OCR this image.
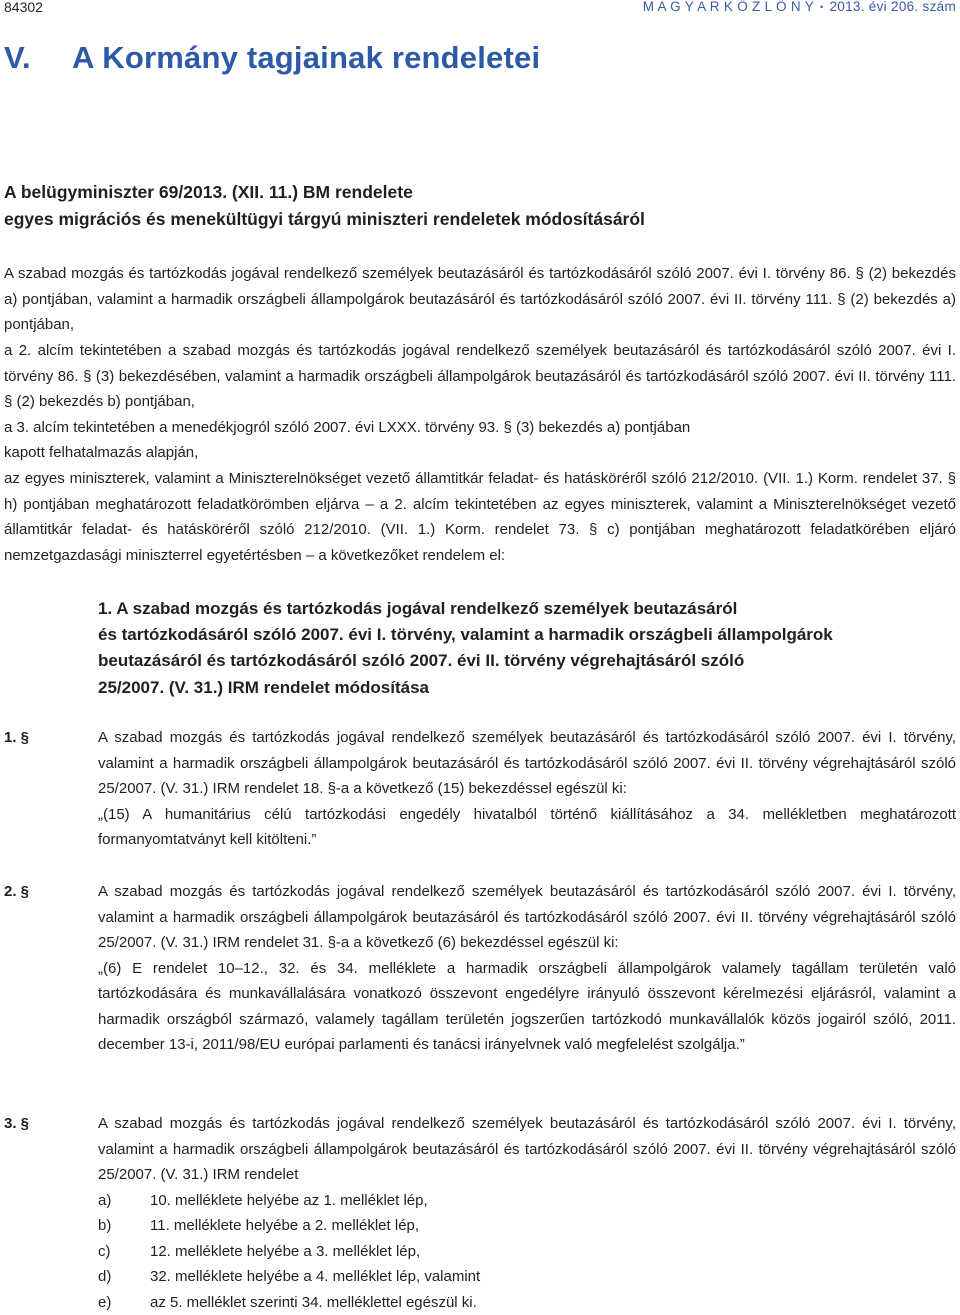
84302	M A G Y A R K Ö Z L Ö N Y • 2013. évi 206. szám
V. A Kormány tagjainak rendeletei
A belügyminiszter 69/2013. (XII. 11.) BM rendelete
egyes migrációs és menekültügyi tárgyú miniszteri rendeletek módosításáról

A szabad mozgás és tartózkodás jogával rendelkező személyek beutazásáról és tartózkodásáról szóló 2007. évi I. törvény 86. § (2) bekezdés a) pontjában, valamint a harmadik országbeli állampolgárok beutazásáról és tartózkodásáról szóló 2007. évi II. törvény 111. § (2) bekezdés a) pontjában,

a 2. alcím tekintetében a szabad mozgás és tartózkodás jogával rendelkező személyek beutazásáról és tartózkodásáról szóló 2007. évi I. törvény 86. § (3) bekezdésében, valamint a harmadik országbeli állampolgárok beutazásáról és tartózkodásáról szóló 2007. évi II. törvény 111. § (2) bekezdés b) pontjában,

a 3. alcím tekintetében a menedékjogról szóló 2007. évi LXXX. törvény 93. § (3) bekezdés a) pontjában

kapott felhatalmazás alapján,

az egyes miniszterek, valamint a Miniszterelnökséget vezető államtitkár feladat- és hatásköréről szóló 212/2010. (VII. 1.) Korm. rendelet 37. § h) pontjában meghatározott feladatkörömben eljárva – a 2. alcím tekintetében az egyes miniszterek, valamint a Miniszterelnökséget vezető államtitkár feladat- és hatásköréről szóló 212/2010. (VII. 1.) Korm. rendelet 73. § c) pontjában meghatározott feladatkörében eljáró nemzetgazdasági miniszterrel egyetértésben – a következőket rendelem el:

1. A szabad mozgás és tartózkodás jogával rendelkező személyek beutazásáról
és tartózkodásáról szóló 2007. évi I. törvény, valamint a harmadik országbeli állampolgárok
beutazásáról és tartózkodásáról szóló 2007. évi II. törvény végrehajtásáról szóló
25/2007. (V. 31.) IRM rendelet módosítása
1. §	A szabad mozgás és tartózkodás jogával rendelkező személyek beutazásáról és tartózkodásáról szóló 2007. évi I. törvény, valamint a harmadik országbeli állampolgárok beutazásáról és tartózkodásáról szóló 2007. évi II. törvény végrehajtásáról szóló 25/2007. (V. 31.) IRM rendelet 18. §-a a következő (15) bekezdéssel egészül ki:
„(15) A humanitárius célú tartózkodási engedély hivatalból történő kiállításához a 34. mellékletben meghatározott formanyomtatványt kell kitölteni.”
2. §	A szabad mozgás és tartózkodás jogával rendelkező személyek beutazásáról és tartózkodásáról szóló 2007. évi I. törvény, valamint a harmadik országbeli állampolgárok beutazásáról és tartózkodásáról szóló 2007. évi II. törvény végrehajtásáról szóló 25/2007. (V. 31.) IRM rendelet 31. §-a a következő (6) bekezdéssel egészül ki:
„(6) E rendelet 10–12., 32. és 34. melléklete a harmadik országbeli állampolgárok valamely tagállam területén való tartózkodására és munkavállalására vonatkozó összevont engedélyre irányuló összevont kérelmezési eljárásról, valamint a harmadik országból származó, valamely tagállam területén jogszerűen tartózkodó munkavállalók közös jogairól szóló, 2011. december 13-i, 2011/98/EU európai parlamenti és tanácsi irányelvnek való megfelelést szolgálja.”
3. §	A szabad mozgás és tartózkodás jogával rendelkező személyek beutazásáról és tartózkodásáról szóló 2007. évi I. törvény, valamint a harmadik országbeli állampolgárok beutazásáról és tartózkodásáról szóló 2007. évi II. törvény végrehajtásáról szóló 25/2007. (V. 31.) IRM rendelet
a)	10. melléklete helyébe az 1. melléklet lép,
b)	11. melléklete helyébe a 2. melléklet lép,
c)	12. melléklete helyébe a 3. melléklet lép,
d)	32. melléklete helyébe a 4. melléklet lép, valamint
e)	az 5. melléklet szerinti 34. melléklettel egészül ki.
